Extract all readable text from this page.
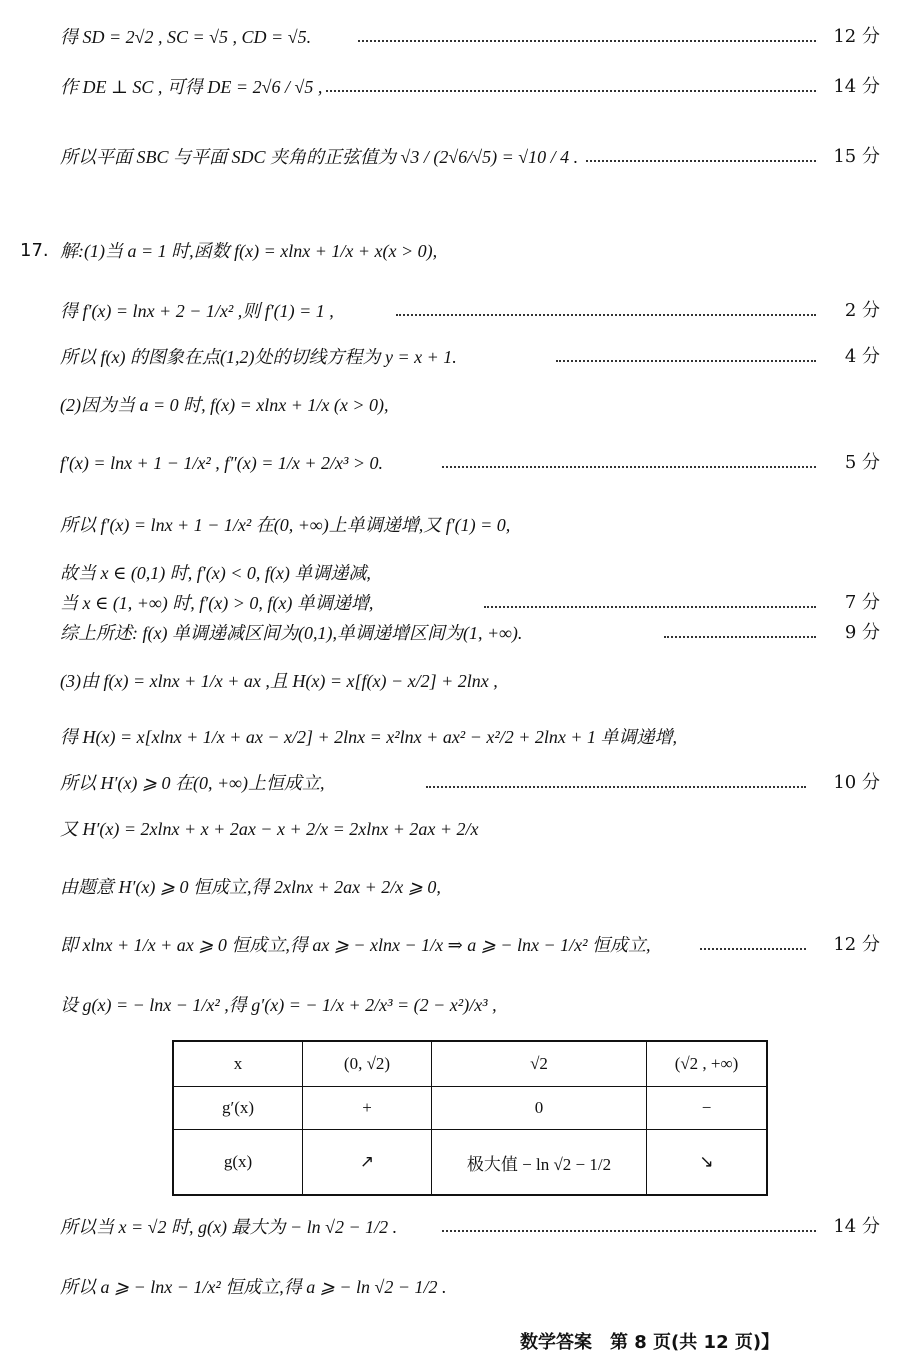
得 SD = 2√2 , SC = √5 , CD = √5.	12 分
作 DE ⊥ SC , 可得 DE = 2√6 / √5 ,	14 分
所以平面 SBC 与平面 SDC 夹角的正弦值为 √3 / (2√6/√5) = √10 / 4 .	15 分
17. 解:(1)当 a = 1 时,函数 f(x) = xlnx + 1/x + x(x > 0),
得 f′(x) = lnx + 2 − 1/x² ,则 f′(1) = 1 ,	2 分
所以 f(x) 的图象在点(1,2)处的切线方程为 y = x + 1.	4 分
(2)因为当 a = 0 时, f(x) = xlnx + 1/x (x > 0),
f′(x) = lnx + 1 − 1/x² , f″(x) = 1/x + 2/x³ > 0.	5 分
所以 f′(x) = lnx + 1 − 1/x² 在(0, +∞)上单调递增,又 f′(1) = 0,
故当 x ∈ (0,1) 时, f′(x) < 0, f(x) 单调递减,
当 x ∈ (1, +∞) 时, f′(x) > 0, f(x) 单调递增,	7 分
综上所述: f(x) 单调递减区间为(0,1),单调递增区间为(1, +∞).	9 分
(3)由 f(x) = xlnx + 1/x + ax ,且 H(x) = x[f(x) − x/2] + 2lnx ,
得 H(x) = x[xlnx + 1/x + ax − x/2] + 2lnx = x²lnx + ax² − x²/2 + 2lnx + 1 单调递增,
所以 H′(x) ⩾ 0 在(0, +∞)上恒成立,	10 分
又 H′(x) = 2xlnx + x + 2ax − x + 2/x = 2xlnx + 2ax + 2/x
由题意 H′(x) ⩾ 0 恒成立,得 2xlnx + 2ax + 2/x ⩾ 0,
即 xlnx + 1/x + ax ⩾ 0 恒成立,得 ax ⩾ − xlnx − 1/x ⇒ a ⩾ − lnx − 1/x² 恒成立,	12 分
设 g(x) = − lnx − 1/x² ,得 g′(x) = − 1/x + 2/x³ = (2 − x²)/x³ ,
x	(0, √2)	√2	(√2 , +∞)
g′(x)	+	0	−
g(x)	↗	极大值 − ln √2 − 1/2	↘
所以当 x = √2 时, g(x) 最大为 − ln √2 − 1/2 .	14 分
所以 a ⩾ − lnx − 1/x² 恒成立,得 a ⩾ − ln √2 − 1/2 .
数学答案　第 8 页(共 12 页)】
